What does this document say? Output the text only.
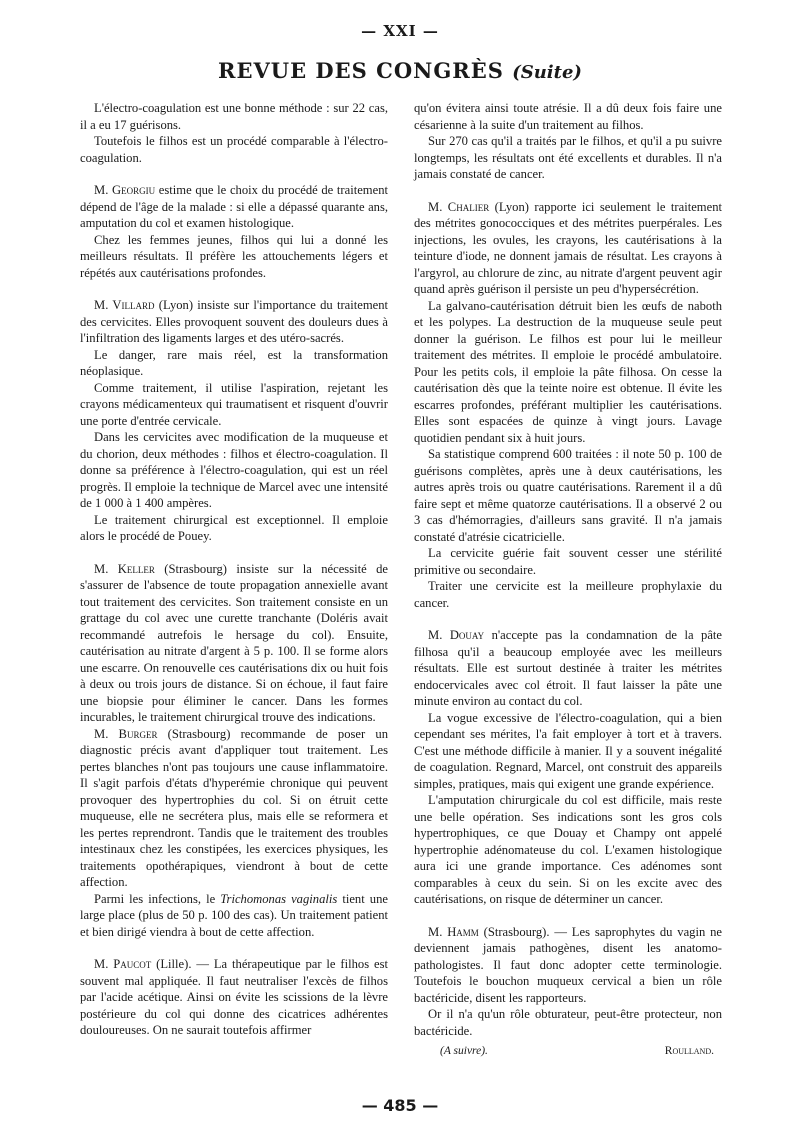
— XXI —
REVUE DES CONGRÈS (Suite)

L'électro-coagulation est une bonne méthode : sur 22 cas, il a eu 17 guérisons.

Toutefois le filhos est un procédé comparable à l'électro-coagulation.

M. Georgiu estime que le choix du procédé de traitement dépend de l'âge de la malade : si elle a dépassé quarante ans, amputation du col et examen histologique.

Chez les femmes jeunes, filhos qui lui a donné les meilleurs résultats. Il préfère les attouchements légers et répétés aux cautérisations profondes.

M. Villard (Lyon) insiste sur l'importance du traitement des cervicites. Elles provoquent souvent des douleurs dues à l'infiltration des ligaments larges et des utéro-sacrés.

Le danger, rare mais réel, est la transformation néoplasique.

Comme traitement, il utilise l'aspiration, rejetant les crayons médicamenteux qui traumatisent et risquent d'ouvrir une porte d'entrée cervicale.

Dans les cervicites avec modification de la muqueuse et du chorion, deux méthodes : filhos et électro-coagulation. Il donne sa préférence à l'électro-coagulation, qui est un réel progrès. Il emploie la technique de Marcel avec une intensité de 1 000 à 1 400 ampères.

Le traitement chirurgical est exceptionnel. Il emploie alors le procédé de Pouey.

M. Keller (Strasbourg) insiste sur la nécessité de s'assurer de l'absence de toute propagation annexielle avant tout traitement des cervicites. Son traitement consiste en un grattage du col avec une curette tranchante (Doléris avait recommandé autrefois le hersage du col). Ensuite, cautérisation au nitrate d'argent à 5 p. 100. Il se forme alors une escarre. On renouvelle ces cautérisations dix ou huit fois à deux ou trois jours de distance. Si on échoue, il faut faire une biopsie pour éliminer le cancer. Dans les formes incurables, le traitement chirurgical trouve des indications.

M. Burger (Strasbourg) recommande de poser un diagnostic précis avant d'appliquer tout traitement. Les pertes blanches n'ont pas toujours une cause inflammatoire. Il s'agit parfois d'états d'hyperémie chronique qui peuvent provoquer des hypertrophies du col. Si on étruit cette muqueuse, elle ne secrétera plus, mais elle se reformera et les pertes reprendront. Tandis que le traitement des troubles intestinaux chez les constipées, les exercices physiques, les traitements opothérapiques, viendront à bout de cette affection.

Parmi les infections, le Trichomonas vaginalis tient une large place (plus de 50 p. 100 des cas). Un traitement patient et bien dirigé viendra à bout de cette affection.

M. Paucot (Lille). — La thérapeutique par le filhos est souvent mal appliquée. Il faut neutraliser l'excès de filhos par l'acide acétique. Ainsi on évite les scissions de la lèvre postérieure du col qui donne des cicatrices adhérentes douloureuses. On ne saurait toutefois affirmer

qu'on évitera ainsi toute atrésie. Il a dû deux fois faire une césarienne à la suite d'un traitement au filhos.

Sur 270 cas qu'il a traités par le filhos, et qu'il a pu suivre longtemps, les résultats ont été excellents et durables. Il n'a jamais constaté de cancer.

M. Chalier (Lyon) rapporte ici seulement le traitement des métrites gonococciques et des métrites puerpérales. Les injections, les ovules, les crayons, les cautérisations à la teinture d'iode, ne donnent jamais de résultat. Les crayons à l'argyrol, au chlorure de zinc, au nitrate d'argent peuvent agir quand après guérison il persiste un peu d'hypersécrétion.

La galvano-cautérisation détruit bien les œufs de naboth et les polypes. La destruction de la muqueuse seule peut donner la guérison. Le filhos est pour lui le meilleur traitement des métrites. Il emploie le procédé ambulatoire. Pour les petits cols, il emploie la pâte filhosa. On cesse la cautérisation dès que la teinte noire est obtenue. Il évite les escarres profondes, préférant multiplier les cautérisations. Elles sont espacées de quinze à vingt jours. Lavage quotidien pendant six à huit jours.

Sa statistique comprend 600 traitées : il note 50 p. 100 de guérisons complètes, après une à deux cautérisations, les autres après trois ou quatre cautérisations. Rarement il a dû faire sept et même quatorze cautérisations. Il a observé 2 ou 3 cas d'hémorragies, d'ailleurs sans gravité. Il n'a jamais constaté d'atrésie cicatricielle.

La cervicite guérie fait souvent cesser une stérilité primitive ou secondaire.

Traiter une cervicite est la meilleure prophylaxie du cancer.

M. Douay n'accepte pas la condamnation de la pâte filhosa qu'il a beaucoup employée avec les meilleurs résultats. Elle est surtout destinée à traiter les métrites endocervicales avec col étroit. Il faut laisser la pâte une minute environ au contact du col.

La vogue excessive de l'électro-coagulation, qui a bien cependant ses mérites, l'a fait employer à tort et à travers. C'est une méthode difficile à manier. Il y a souvent inégalité de coagulation. Regnard, Marcel, ont construit des appareils simples, pratiques, mais qui exigent une grande expérience.

L'amputation chirurgicale du col est difficile, mais reste une belle opération. Ses indications sont les gros cols hypertrophiques, ce que Douay et Champy ont appelé hypertrophie adénomateuse du col. L'examen histologique aura ici une grande importance. Ces adénomes sont comparables à ceux du sein. Si on les excite avec des cautérisations, on risque de déterminer un cancer.

M. Hamm (Strasbourg). — Les saprophytes du vagin ne deviennent jamais pathogènes, disent les anatomo-pathologistes. Il faut donc adopter cette terminologie. Toutefois le bouchon muqueux cervical a bien un rôle bactéricide, disent les rapporteurs.

Or il n'a qu'un rôle obturateur, peut-être protecteur, non bactéricide.

(A suivre).	Roulland.
— 485 —
